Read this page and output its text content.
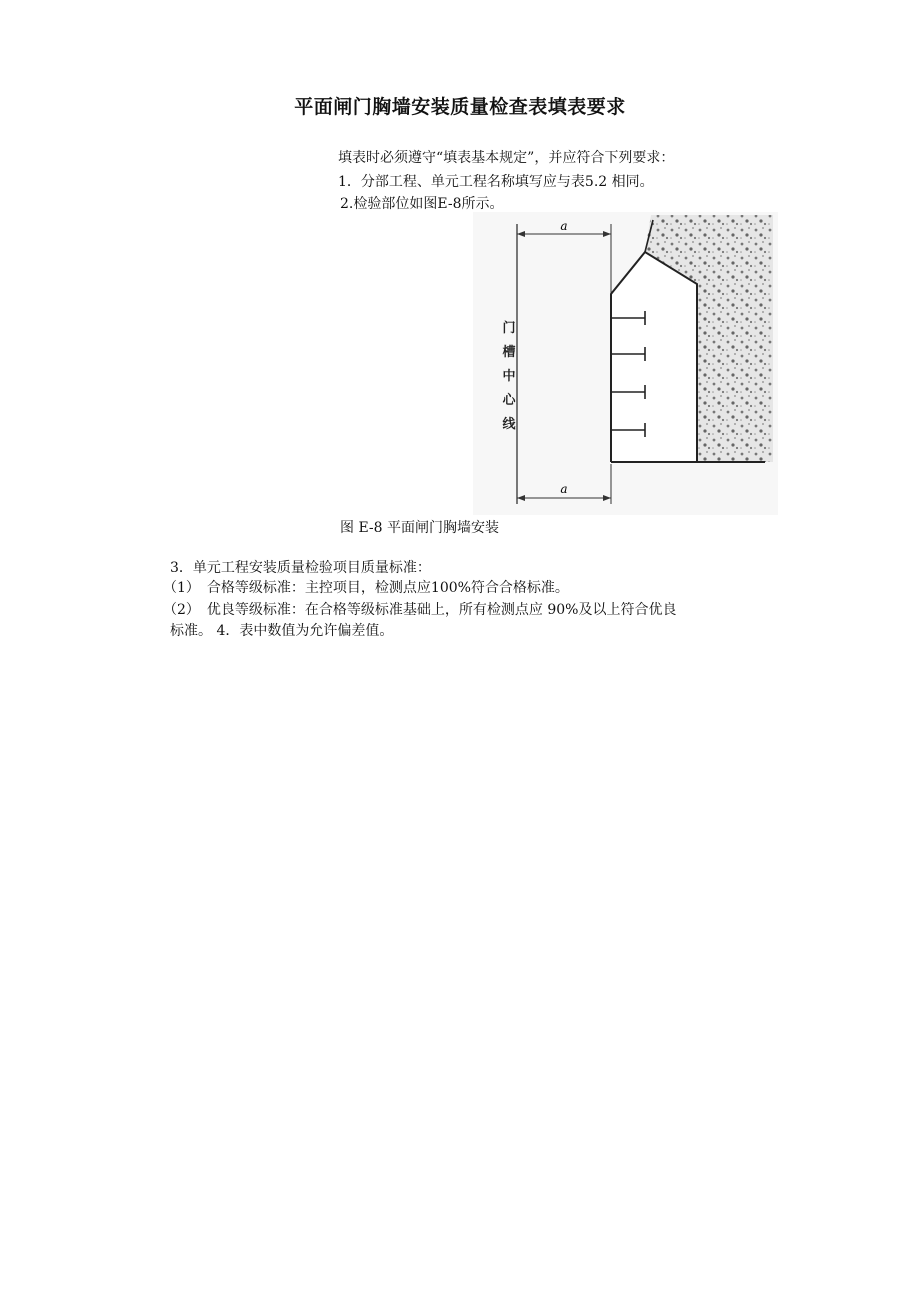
平面闸门胸墙安装质量检查表填表要求
填表时必须遵守“填表基本规定”，并应符合下列要求：
1．分部工程、单元工程名称填写应与表5.2 相同。
2.检验部位如图E-8所示。
a
a
门
槽
中
心
线
图 E-8 平面闸门胸墙安装
3．单元工程安装质量检验项目质量标准：
（1）　合格等级标准：主控项目，检测点应100%符合合格标准。
（2）　优良等级标准：在合格等级标准基础上，所有检测点应 90%及以上符合优良
标准。 4．表中数值为允许偏差值。
